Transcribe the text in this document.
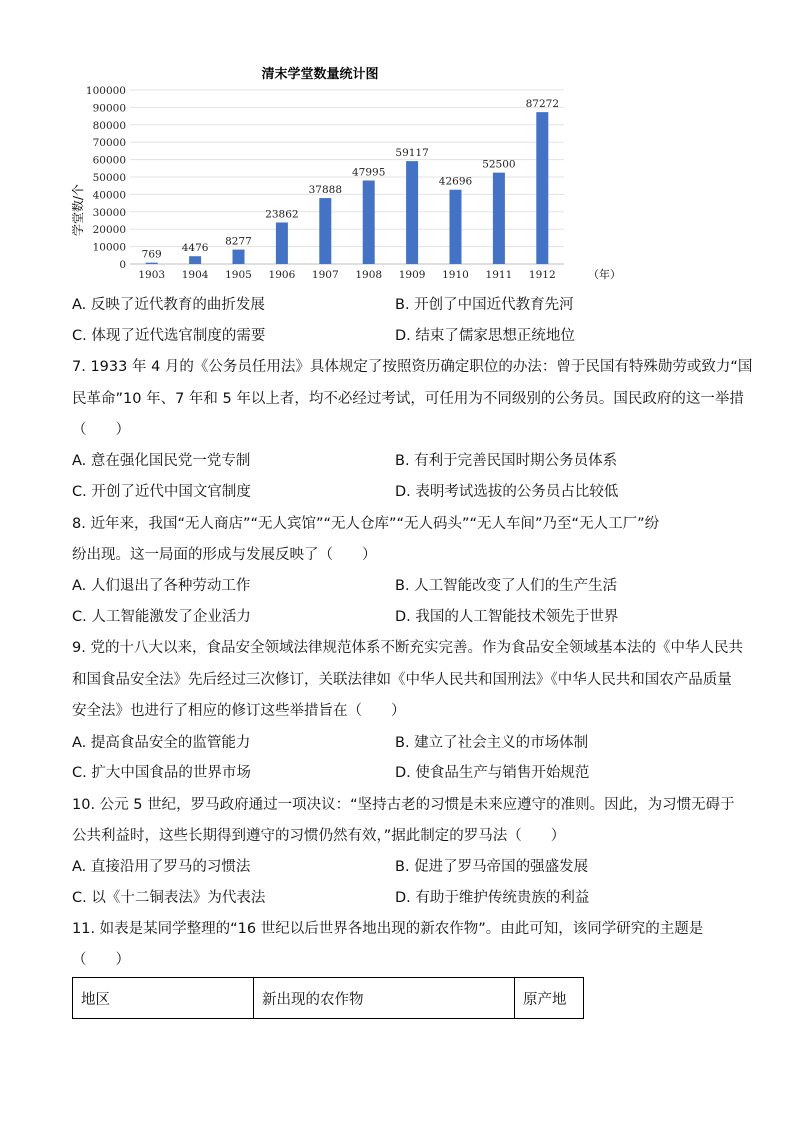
清末学堂数量统计图
0
10000
20000
30000
40000
50000
60000
70000
80000
90000
100000
769
4476
8277
23862
37888
47995
59117
42696
52500
87272
1903 1904 1905 1906 1907 1908 1909 1910 1911 1912
学堂数/个
（年）
A. 反映了近代教育的曲折发展	B. 开创了中国近代教育先河
C. 体现了近代选官制度的需要	D. 结束了儒家思想正统地位
7. 1933 年 4 月的《公务员任用法》具体规定了按照资历确定职位的办法：曾于民国有特殊勋劳或致力“国
民革命”10 年、7 年和 5 年以上者，均不必经过考试，可任用为不同级别的公务员。国民政府的这一举措
（　　）
A. 意在强化国民党一党专制	B. 有利于完善民国时期公务员体系
C. 开创了近代中国文官制度	D. 表明考试选拔的公务员占比较低
8. 近年来，我国“无人商店”“无人宾馆”“无人仓库”“无人码头”“无人车间”乃至“无人工厂”纷
纷出现。这一局面的形成与发展反映了（　　）
A. 人们退出了各种劳动工作	B. 人工智能改变了人们的生产生活
C. 人工智能激发了企业活力	D. 我国的人工智能技术领先于世界
9. 党的十八大以来，食品安全领域法律规范体系不断充实完善。作为食品安全领域基本法的《中华人民共
和国食品安全法》先后经过三次修订，关联法律如《中华人民共和国刑法》《中华人民共和国农产品质量
安全法》也进行了相应的修订这些举措旨在（　　）
A. 提高食品安全的监管能力	B. 建立了社会主义的市场体制
C. 扩大中国食品的世界市场	D. 使食品生产与销售开始规范
10. 公元 5 世纪，罗马政府通过一项决议：“坚持古老的习惯是未来应遵守的准则。因此，为习惯无碍于
公共利益时，这些长期得到遵守的习惯仍然有效，”据此制定的罗马法（　　）
A. 直接沿用了罗马的习惯法	B. 促进了罗马帝国的强盛发展
C. 以《十二铜表法》为代表法	D. 有助于维护传统贵族的利益
11. 如表是某同学整理的“16 世纪以后世界各地出现的新农作物”。由此可知，该同学研究的主题是
（　　）
地区	新出现的农作物	原产地
